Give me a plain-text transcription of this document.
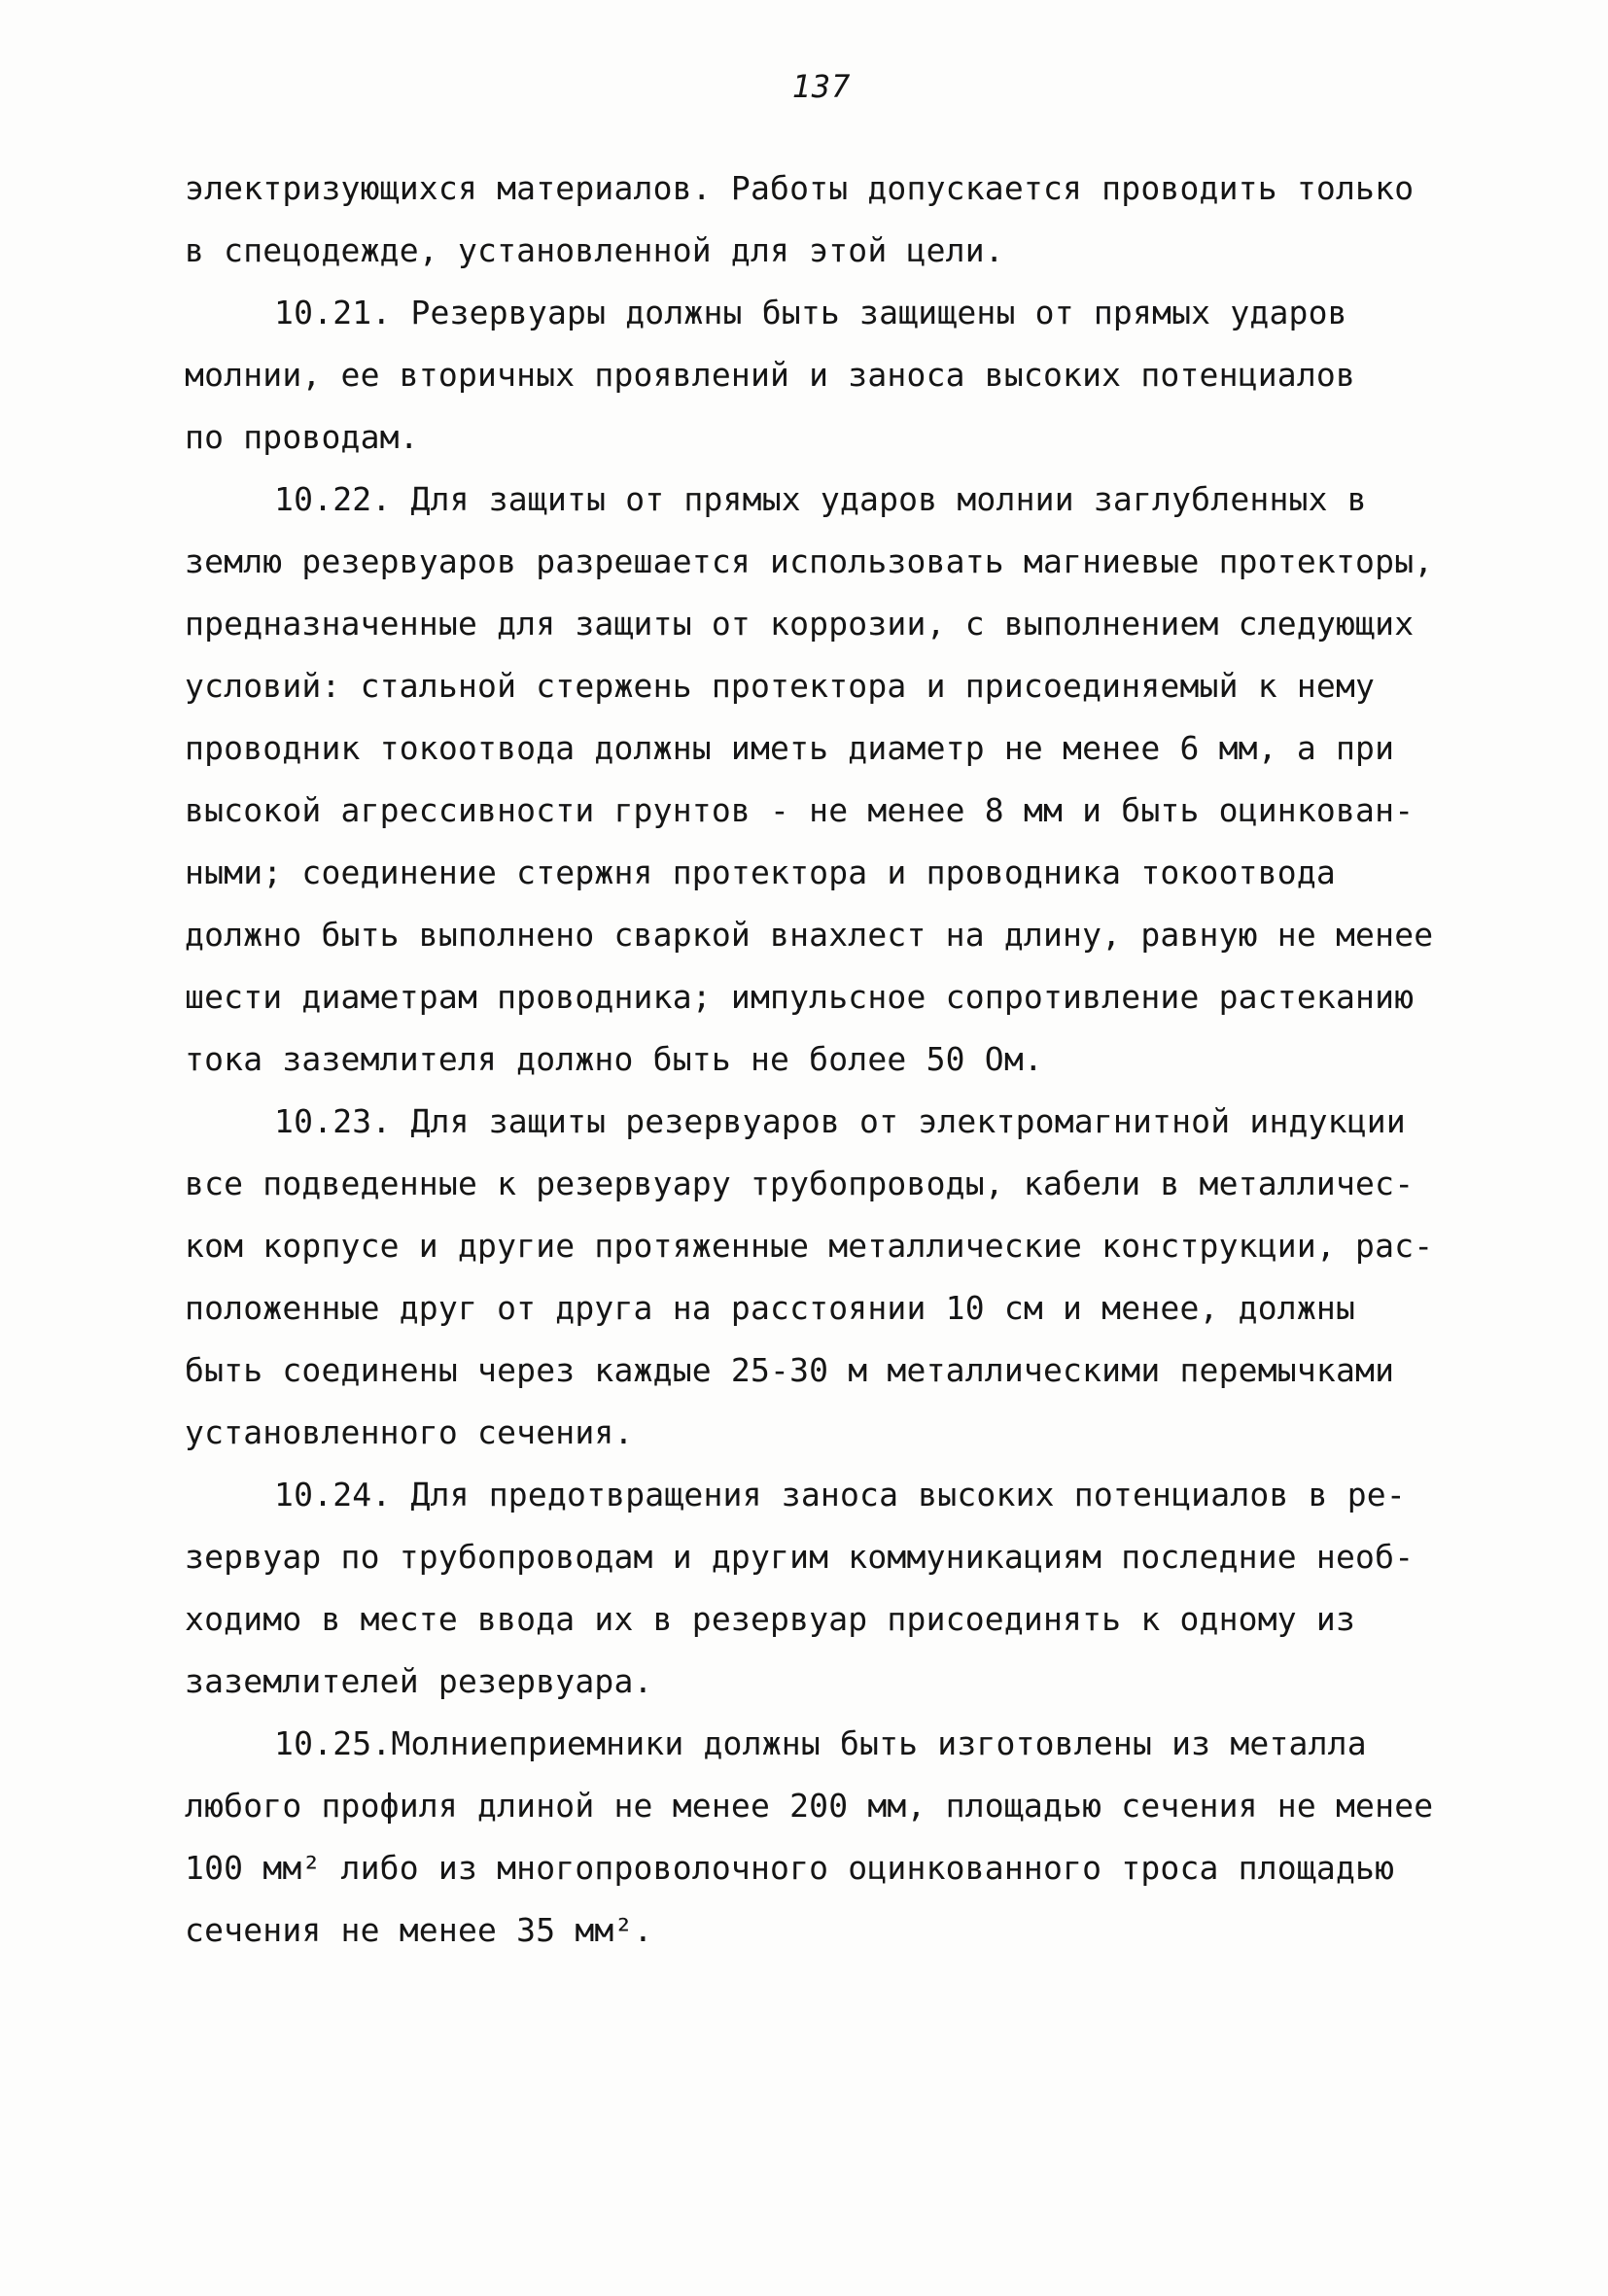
137
электризующихся материалов. Работы допускается проводить только
в спецодежде, установленной для этой цели.
10.21. Резервуары должны быть защищены от прямых ударов
молнии, ее вторичных проявлений и заноса высоких потенциалов
по проводам.
10.22. Для защиты от прямых ударов молнии заглубленных в
землю резервуаров разрешается использовать магниевые протекторы,
предназначенные для защиты от коррозии, с выполнением следующих
условий: стальной стержень протектора и присоединяемый к нему
проводник токоотвода должны иметь диаметр не менее 6 мм, а при
высокой агрессивности грунтов - не менее 8 мм и быть оцинкован-
ными; соединение стержня протектора и проводника токоотвода
должно быть выполнено сваркой внахлест на длину, равную не менее
шести диаметрам проводника; импульсное сопротивление растеканию
тока заземлителя должно быть не более 50 Ом.
10.23. Для защиты резервуаров от электромагнитной индукции
все подведенные к резервуару трубопроводы, кабели в металличес-
ком корпусе и другие протяженные металлические конструкции, рас-
положенные друг от друга на расстоянии 10 см и менее, должны
быть соединены через каждые 25-30 м металлическими перемычками
установленного сечения.
10.24. Для предотвращения заноса высоких потенциалов в ре-
зервуар по трубопроводам и другим коммуникациям последние необ-
ходимо в месте ввода их в резервуар присоединять к одному из
заземлителей резервуара.
10.25.Молниеприемники должны быть изготовлены из металла
любого профиля длиной не менее 200 мм, площадью сечения не менее
100 мм² либо из многопроволочного оцинкованного троса площадью
сечения не менее 35 мм².
